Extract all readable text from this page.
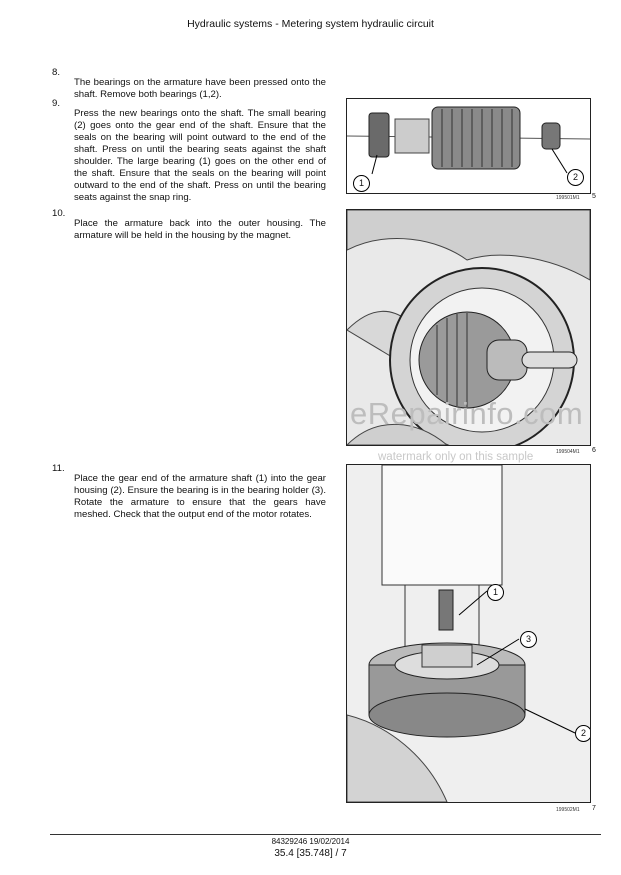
Hydraulic systems - Metering system hydraulic circuit
8.

The bearings on the armature have been pressed onto the shaft. Remove both bearings (1,2).

9.

Press the new bearings onto the shaft. The small bearing (2) goes onto the gear end of the shaft. Ensure that the seals on the bearing will point outward to the end of the shaft. Press on until the bearing seats against the shaft shoulder. The large bearing (1) goes on the other end of the shaft. Ensure that the seals on the bearing will point outward to the end of the shaft. Press on until the bearing seats against the snap ring.

10.

Place the armature back into the outer housing. The armature will be held in the housing by the magnet.

11.

Place the gear end of the armature shaft (1) into the gear housing (2). Ensure the bearing is in the bearing holder (3). Rotate the armature to ensure that the gears have meshed. Check that the output end of the motor rotates.

1
2
199501M1 5
199504M1 6
1
3
2
199502M1 7
eRepairinfo.com
watermark only on this sample
84329246 19/02/2014
35.4 [35.748] / 7
